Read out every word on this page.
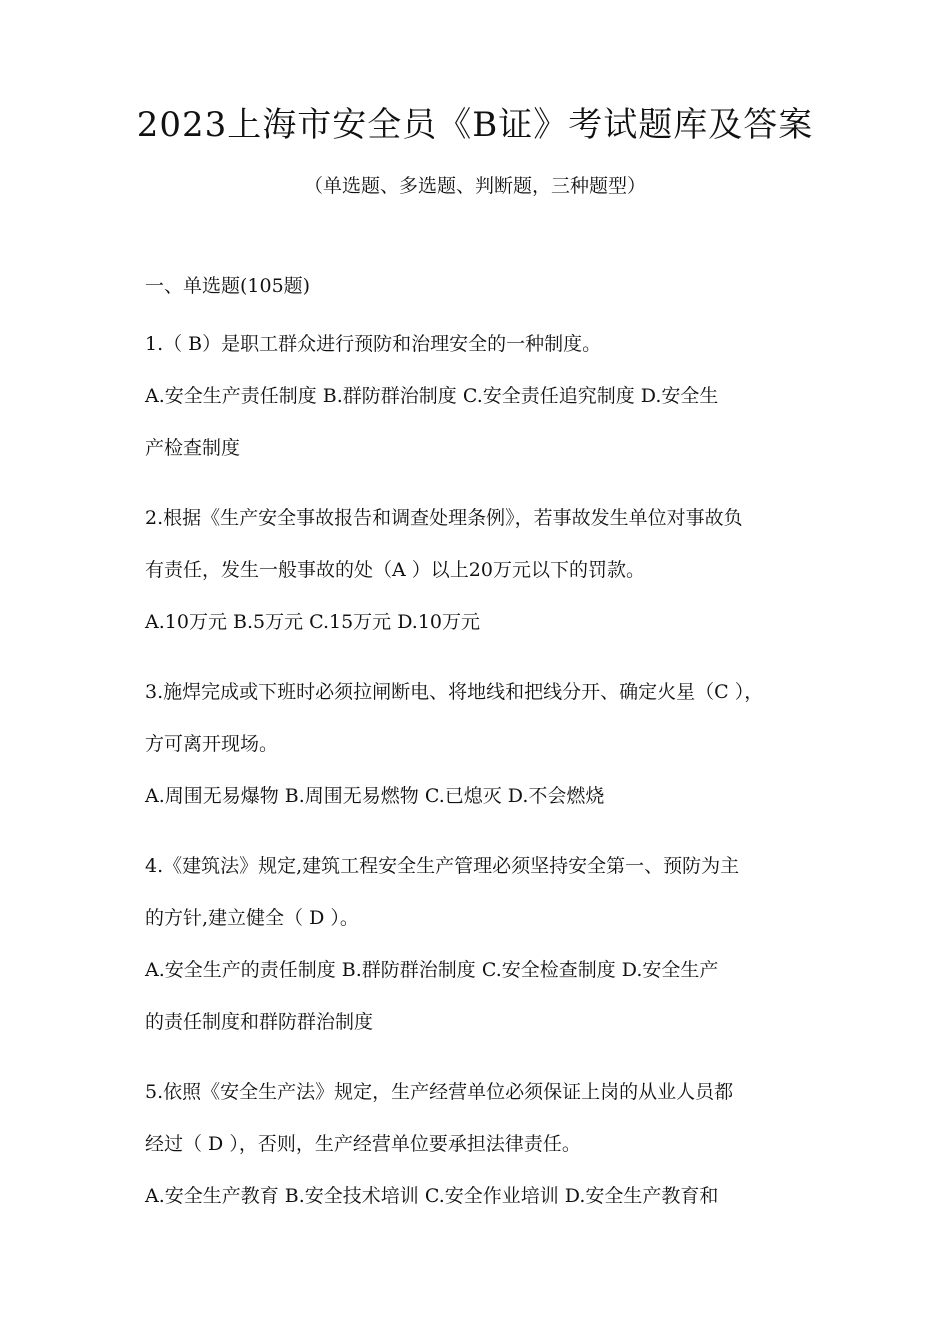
2023上海市安全员《B证》考试题库及答案
（单选题、多选题、判断题，三种题型）
一、单选题(105题)
1.（ B）是职工群众进行预防和治理安全的一种制度。
A.安全生产责任制度 B.群防群治制度 C.安全责任追究制度 D.安全生
产检查制度
2.根据《生产安全事故报告和调查处理条例》，若事故发生单位对事故负
有责任，发生一般事故的处（A ）以上20万元以下的罚款。
A.10万元 B.5万元 C.15万元 D.10万元
3.施焊完成或下班时必须拉闸断电、将地线和把线分开、确定火星（C ），
方可离开现场。
A.周围无易爆物 B.周围无易燃物 C.已熄灭 D.不会燃烧
4.《建筑法》规定,建筑工程安全生产管理必须坚持安全第一、预防为主
的方针,建立健全（ D ）。
A.安全生产的责任制度 B.群防群治制度 C.安全检查制度 D.安全生产
的责任制度和群防群治制度
5.依照《安全生产法》规定，生产经营单位必须保证上岗的从业人员都
经过（ D ），否则，生产经营单位要承担法律责任。
A.安全生产教育 B.安全技术培训 C.安全作业培训 D.安全生产教育和
